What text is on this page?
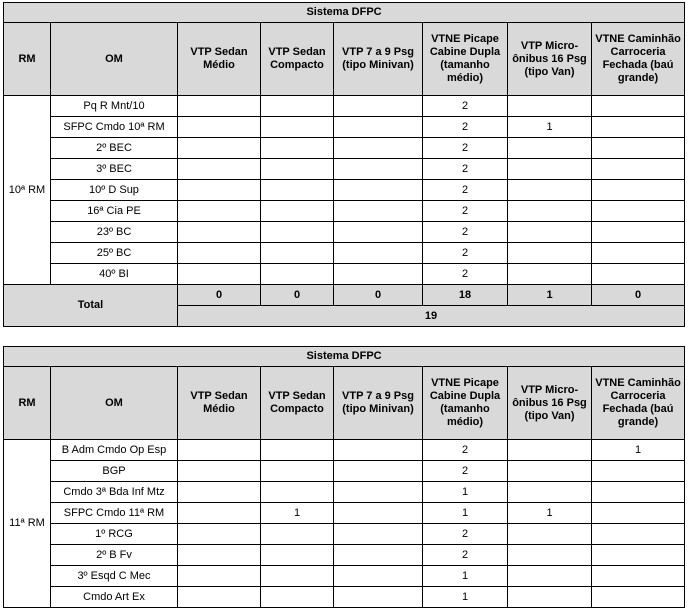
Sistema DFPC							
RM	OM	VTP Sedan Médio	VTP Sedan Compacto	VTP 7 a 9 Psg (tipo Minivan)	VTNE Picape Cabine Dupla (tamanho médio)	VTP Micro-ônibus 16 Psg (tipo Van)	VTNE Caminhão Carroceria Fechada (baú grande)
10ª RM	Pq R Mnt/10				2		
	SFPC Cmdo 10ª RM				2	1	
	2º BEC				2		
	3º BEC				2		
	10º D Sup				2		
	16ª Cia PE				2		
	23º BC				2		
	25º BC				2		
	40º BI				2		
Total		0	0	0	18	1	0
		19					
Sistema DFPC							
RM	OM	VTP Sedan Médio	VTP Sedan Compacto	VTP 7 a 9 Psg (tipo Minivan)	VTNE Picape Cabine Dupla (tamanho médio)	VTP Micro-ônibus 16 Psg (tipo Van)	VTNE Caminhão Carroceria Fechada (baú grande)
11ª RM	B Adm Cmdo Op Esp				2		1
	BGP				2		
	Cmdo 3ª Bda Inf Mtz				1		
	SFPC Cmdo 11ª RM		1		1	1	
	1º RCG				2		
	2º B Fv				2		
	3º Esqd C Mec				1		
	Cmdo Art Ex				1		
